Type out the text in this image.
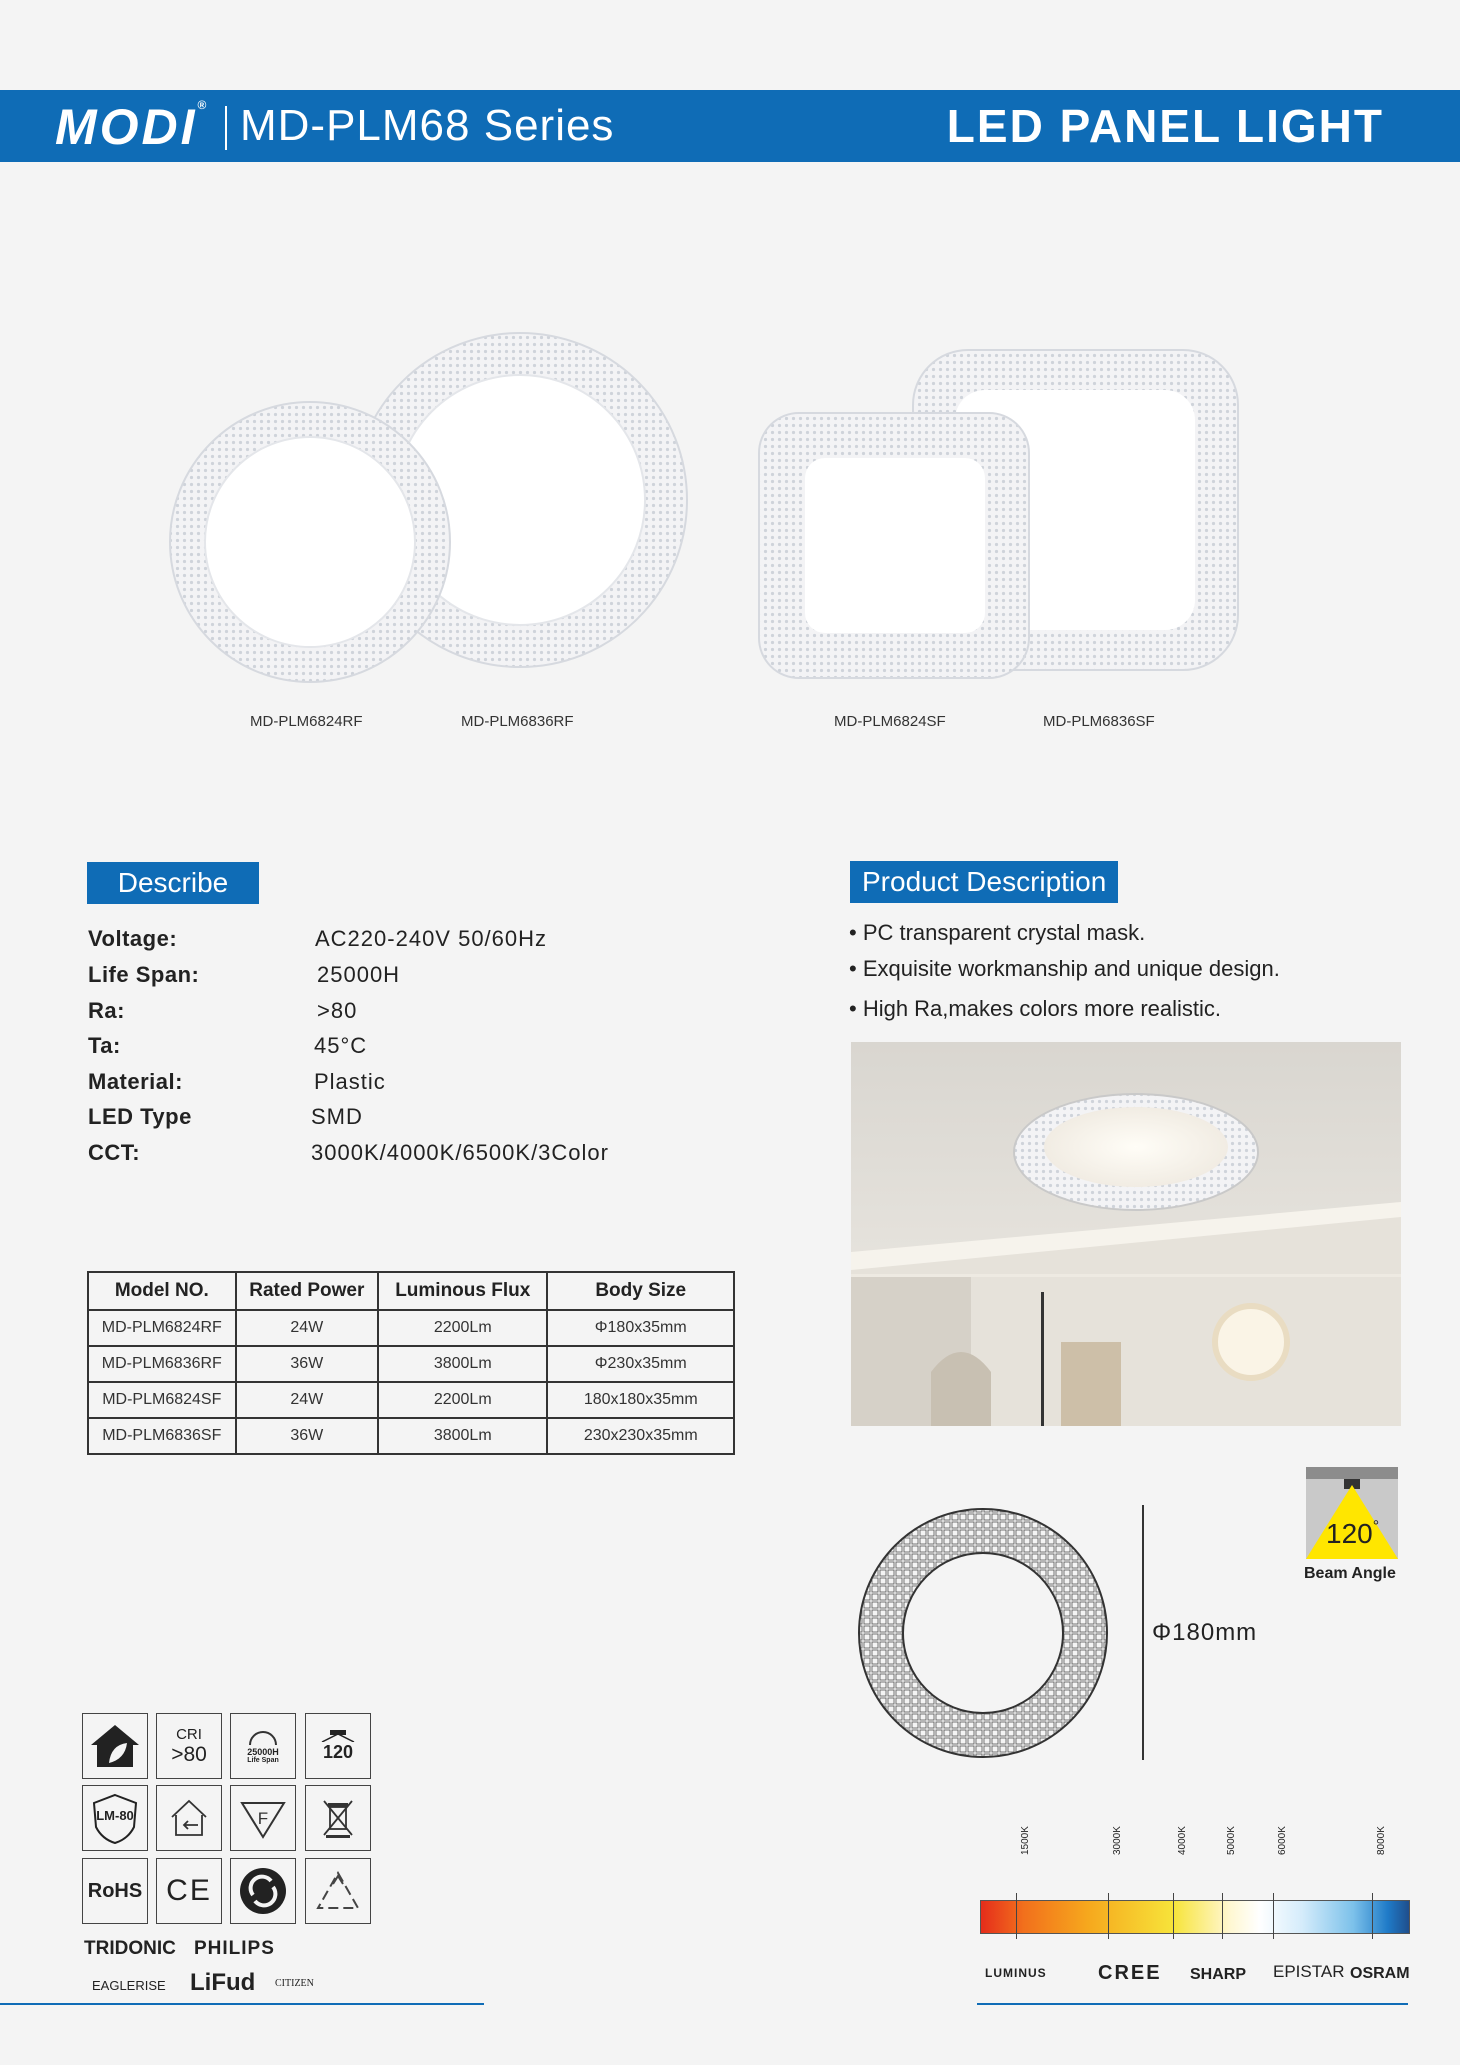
MODI® MD-PLM68 Series	LED PANEL LIGHT
MD-PLM6824RF	MD-PLM6836RF	MD-PLM6824SF	MD-PLM6836SF
Describe
Voltage:	AC220-240V 50/60Hz
Life Span:	25000H
Ra:	>80
Ta:	45°C
Material:	Plastic
LED Type	SMD
CCT:	3000K/4000K/6500K/3Color
Model NO.	Rated Power	Luminous Flux	Body Size
MD-PLM6824RF	24W	2200Lm	Φ180x35mm
MD-PLM6836RF	36W	3800Lm	Φ230x35mm
MD-PLM6824SF	24W	2200Lm	180x180x35mm
MD-PLM6836SF	36W	3800Lm	230x230x35mm
Product Description
• PC transparent crystal mask.
• Exquisite workmanship and unique design.
• High Ra,makes colors more realistic.
Φ180mm
120°
Beam Angle
CRI
>80	25000H
Life Span 120
LM-80	F
RoHS CE
TRIDONIC PHILIPS
EAGLERISE LiFud CITIZEN
1500K	3000K	4000K	5000K	6000K	8000K
LUMINUS	CREE SHARP EPISTAR OSRAM
